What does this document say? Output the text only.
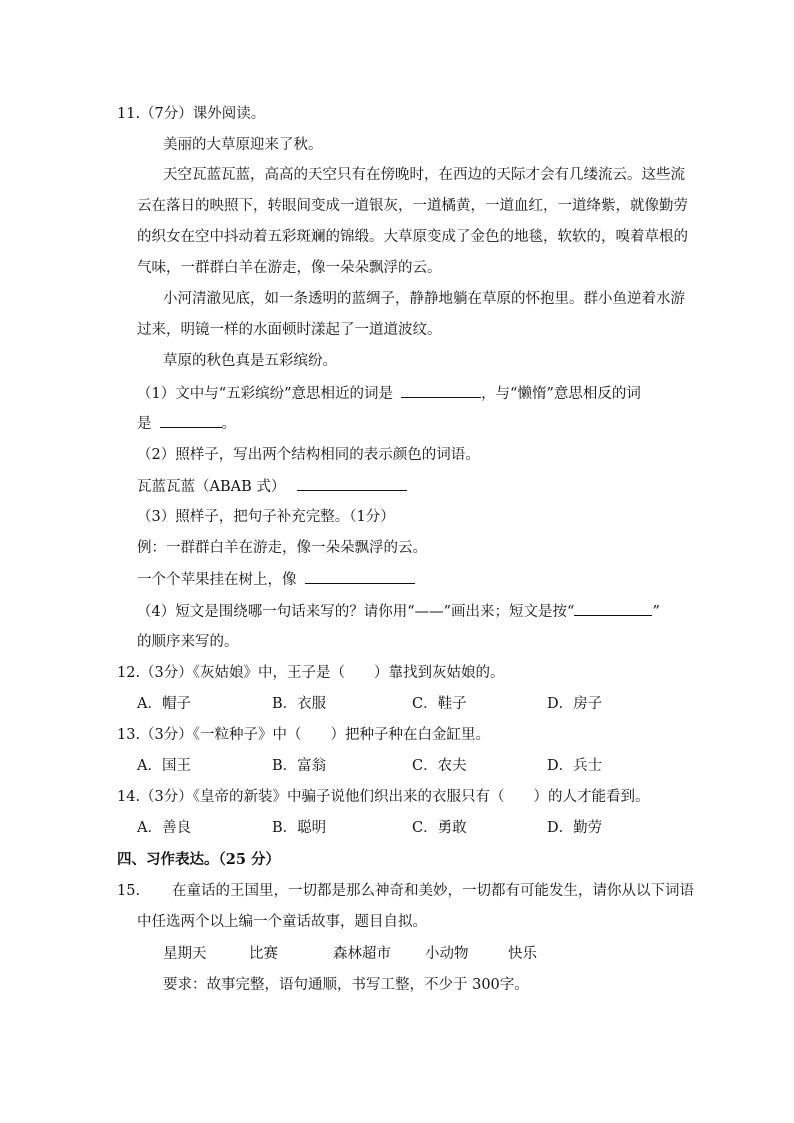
11.（7分）课外阅读。
美丽的大草原迎来了秋。
天空瓦蓝瓦蓝，高高的天空只有在傍晚时，在西边的天际才会有几缕流云。这些流
云在落日的映照下，转眼间变成一道银灰，一道橘黄，一道血红，一道绛紫，就像勤劳
的织女在空中抖动着五彩斑斓的锦缎。大草原变成了金色的地毯，软软的，嗅着草根的
气味，一群群白羊在游走，像一朵朵飘浮的云。
小河清澈见底，如一条透明的蓝绸子，静静地躺在草原的怀抱里。群小鱼逆着水游
过来，明镜一样的水面顿时漾起了一道道波纹。
草原的秋色真是五彩缤纷。
（1）文中与“五彩缤纷”意思相近的词是	，与“懒惰”意思相反的词
是	。
（2）照样子，写出两个结构相同的表示颜色的词语。
瓦蓝瓦蓝（ABAB 式）
（3）照样子，把句子补充完整。（1分）
例：一群群白羊在游走，像一朵朵飘浮的云。
一个个苹果挂在树上，像
（4）短文是围绕哪一句话来写的？请你用“——”画出来；短文是按“	”
的顺序来写的。
12.（3分）《灰姑娘》中，王子是（　　）靠找到灰姑娘的。
A．帽子	B．衣服	C．鞋子	D．房子
13.（3分）《一粒种子》中（　　）把种子种在白金缸里。
A．国王	B．富翁	C．农夫	D．兵士
14.（3分）《皇帝的新装》中骗子说他们织出来的衣服只有（　　）的人才能看到。
A．善良	B．聪明	C．勇敢	D．勤劳
四、习作表达。（25 分）
15. 在童话的王国里，一切都是那么神奇和美妙，一切都有可能发生，请你从以下词语
中任选两个以上编一个童话故事，题目自拟。
星期天	比赛	森林超市 小动物	快乐
要求：故事完整，语句通顺，书写工整，不少于 300字。
